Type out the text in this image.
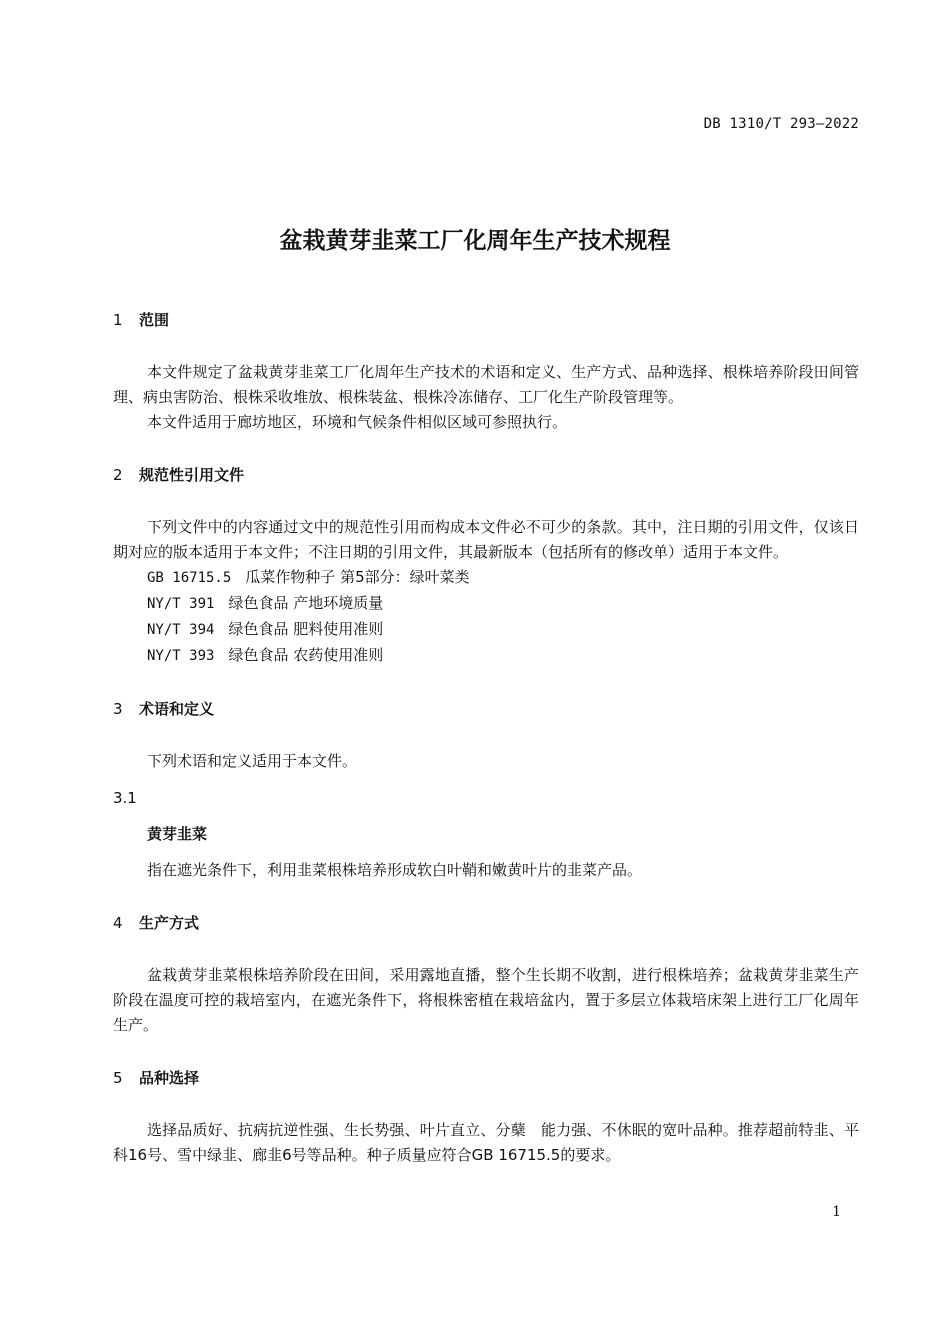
DB 1310/T 293—2022
盆栽黄芽韭菜工厂化周年生产技术规程
1 范围

本文件规定了盆栽黄芽韭菜工厂化周年生产技术的术语和定义、生产方式、品种选择、根株培养阶段田间管理、病虫害防治、根株采收堆放、根株装盆、根株冷冻储存、工厂化生产阶段管理等。

本文件适用于廊坊地区，环境和气候条件相似区域可参照执行。

2 规范性引用文件

下列文件中的内容通过文中的规范性引用而构成本文件必不可少的条款。其中，注日期的引用文件，仅该日期对应的版本适用于本文件；不注日期的引用文件，其最新版本（包括所有的修改单）适用于本文件。

GB 16715.5 瓜菜作物种子 第5部分：绿叶菜类
NY/T 391 绿色食品 产地环境质量
NY/T 394 绿色食品 肥料使用准则
NY/T 393 绿色食品 农药使用准则
3 术语和定义

下列术语和定义适用于本文件。

3.1
黄芽韭菜

指在遮光条件下，利用韭菜根株培养形成软白叶鞘和嫩黄叶片的韭菜产品。

4 生产方式

盆栽黄芽韭菜根株培养阶段在田间，采用露地直播，整个生长期不收割，进行根株培养；盆栽黄芽韭菜生产阶段在温度可控的栽培室内，在遮光条件下，将根株密植在栽培盆内，置于多层立体栽培床架上进行工厂化周年生产。

5 品种选择

选择品质好、抗病抗逆性强、生长势强、叶片直立、分蘖　能力强、不休眠的宽叶品种。推荐超前特韭、平科16号、雪中绿韭、廊韭6号等品种。种子质量应符合GB 16715.5的要求。

1
